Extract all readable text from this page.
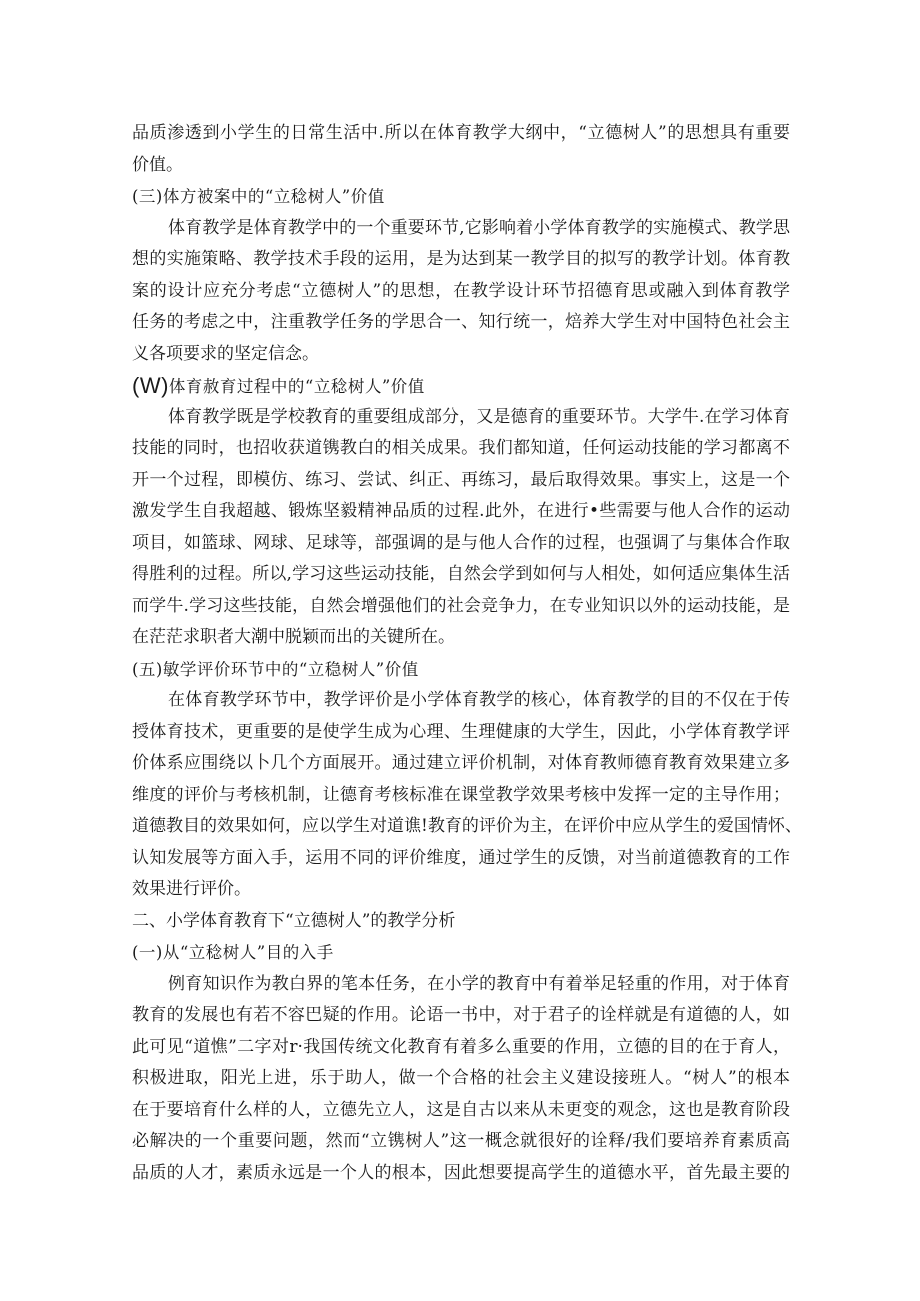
品质渗透到小学生的日常生活中.所以在体育教学大纲中，“立德树人”的思想具有重要
价值。
(三)体方被案中的“立稔树人”价值
体育教学是体育教学中的一个重要环节,它影响着小学体育教学的实施模式、教学思
想的实施策略、教学技术手段的运用，是为达到某一教学目的拟写的教学计划。体育教
案的设计应充分考虑“立德树人”的思想，在教学设计环节招德育思或融入到体育教学
任务的考虑之中，注重教学任务的学思合一、知行统一，焙养大学生对中国特色社会主
义各项要求的坚定信念。
(W)体育赦育过程中的“立稔树人”价值
体育教学既是学校教育的重要组成部分，又是德育的重要环节。大学牛.在学习体育
技能的同时，也招收获道镌教白的相关成果。我们都知道，任何运动技能的学习都离不
开一个过程，即模仿、练习、尝试、纠正、再练习，最后取得效果。事实上，这是一个
激发学生自我超越、锻炼坚毅精神品质的过程.此外，在进行•些需要与他人合作的运动
项目，如篮球、网球、足球等，部强调的是与他人合作的过程，也强调了与集体合作取
得胜利的过程。所以,学习这些运动技能，自然会学到如何与人相处，如何适应集体生活
而学牛.学习这些技能，自然会增强他们的社会竞争力，在专业知识以外的运动技能，是
在茫茫求职者大潮中脱颖而出的关键所在。
(五)敏学评价环节中的“立稳树人”价值
在体育教学环节中，教学评价是小学体育教学的核心，体育教学的目的不仅在于传
授体育技术，更重要的是使学生成为心理、生理健康的大学生，因此，小学体育教学评
价体系应围绕以卜几个方面展开。通过建立评价机制，对体育教师德育教育效果建立多
维度的评价与考核机制，让德育考核标准在课堂教学效果考核中发挥一定的主导作用；
道德教目的效果如何，应以学生对道谯!教育的评价为主，在评价中应从学生的爱国情怀、
认知发展等方面入手，运用不同的评价维度，通过学生的反馈，对当前道德教育的工作
效果进行评价。
二、小学体育教育下“立德树人”的教学分析
(一)从“立稔树人”目的入手
例育知识作为教白界的笔本任务，在小学的教育中有着举足轻重的作用，对于体育
教育的发展也有若不容巴疑的作用。论语一书中，对于君子的诠样就是有道德的人，如
此可见“道憔”二字对r·我国传统文化教育有着多么重要的作用，立德的目的在于育人，
积极进取，阳光上进，乐于助人，做一个合格的社会主义建设接班人。“树人”的根本
在于要培育什么样的人，立德先立人，这是自古以来从未更变的观念，这也是教育阶段
必解决的一个重要问题，然而“立镌树人”这一概念就很好的诠释/我们要培养育素质高
品质的人才，素质永远是一个人的根本，因此想要提高学生的道德水平，首先最主要的
